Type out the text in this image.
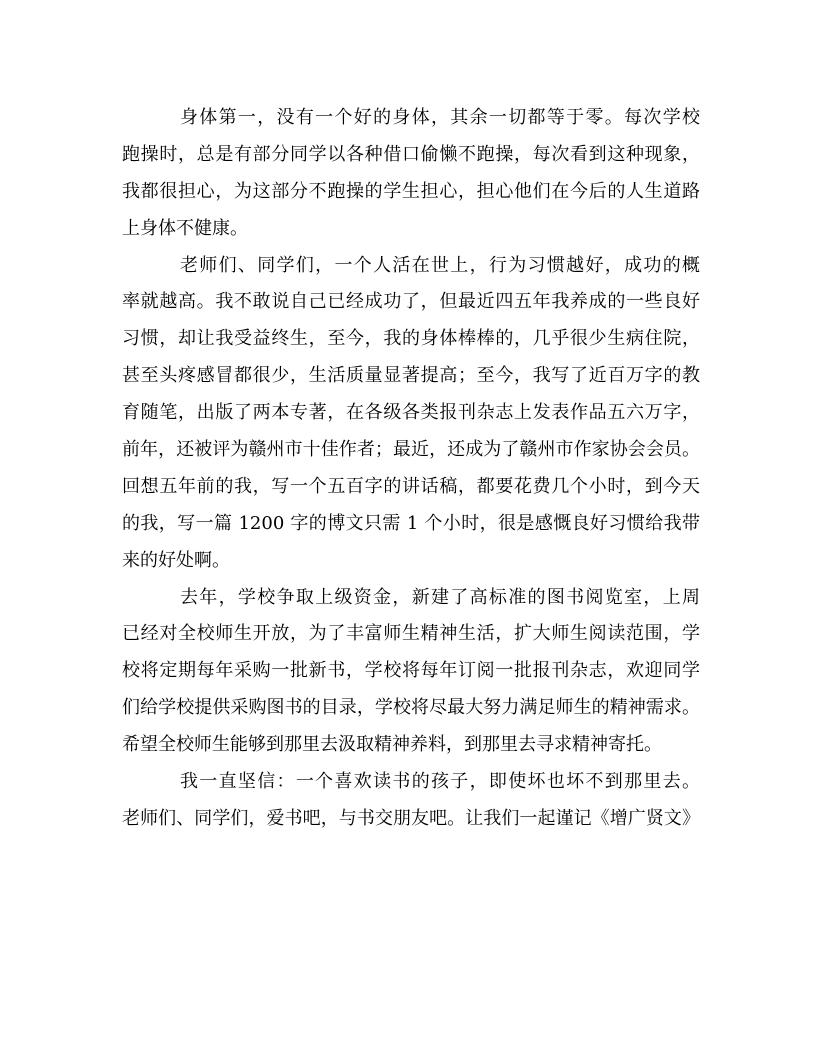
身体第一，没有一个好的身体，其余一切都等于零。每次学校
跑操时，总是有部分同学以各种借口偷懒不跑操，每次看到这种现象，
我都很担心，为这部分不跑操的学生担心，担心他们在今后的人生道路
上身体不健康。
老师们、同学们，一个人活在世上，行为习惯越好，成功的概
率就越高。我不敢说自己已经成功了，但最近四五年我养成的一些良好
习惯，却让我受益终生，至今，我的身体棒棒的，几乎很少生病住院，
甚至头疼感冒都很少，生活质量显著提高；至今，我写了近百万字的教
育随笔，出版了两本专著，在各级各类报刊杂志上发表作品五六万字，
前年，还被评为赣州市十佳作者；最近，还成为了赣州市作家协会会员。
回想五年前的我，写一个五百字的讲话稿，都要花费几个小时，到今天
的我，写一篇 1200 字的博文只需 1 个小时，很是感慨良好习惯给我带
来的好处啊。
去年，学校争取上级资金，新建了高标准的图书阅览室，上周
已经对全校师生开放，为了丰富师生精神生活，扩大师生阅读范围，学
校将定期每年采购一批新书，学校将每年订阅一批报刊杂志，欢迎同学
们给学校提供采购图书的目录，学校将尽最大努力满足师生的精神需求。
希望全校师生能够到那里去汲取精神养料，到那里去寻求精神寄托。
我一直坚信：一个喜欢读书的孩子，即使坏也坏不到那里去。
老师们、同学们，爱书吧，与书交朋友吧。让我们一起谨记《增广贤文》
